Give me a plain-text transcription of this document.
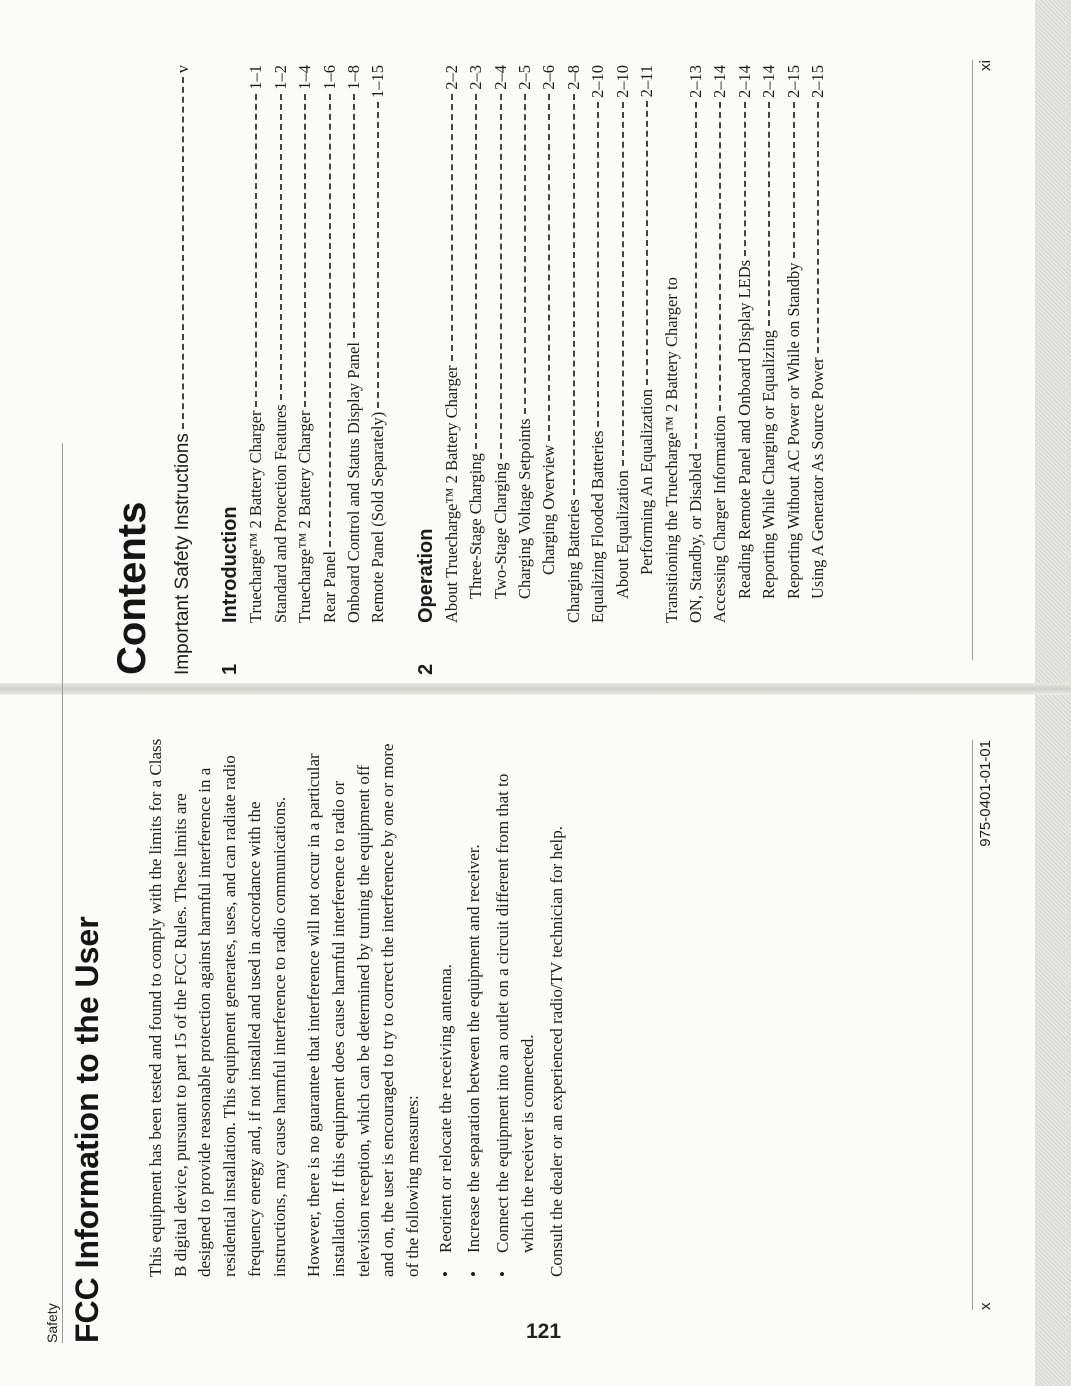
Safety FCC Information to the User This equipment has been tested and found to comply with the limits for a Class B digital device, pursuant to part 15 of the FCC Rules. These limits are designed to provide reasonable protection against harmful interference in a residential installation. This equipment generates, uses, and can radiate radio frequency energy and, if not installed and used in accordance with the instructions, may cause harmful interference to radio communications. However, there is no guarantee that interference will not occur in a particular installation. If this equipment does cause harmful interference to radio or television reception, which can be determined by turning the equipment off and on, the user is encouraged to try to correct the interference by one or more of the following measures: •
Reorient or relocate the receiving antenna.
•
Increase the separation between the equipment and receiver.
•
Connect the equipment into an outlet on a circuit different from that to which the receiver is connected. Consult the dealer or an experienced radio/TV technician for help.

x
975-0401-01-01
Contents Important Safety Instructions
v
1
Introduction Truecharge™ 2 Battery Charger
1–1
Standard and Protection Features
1–2
Truecharge™ 2 Battery Charger
1–4
Rear Panel
1–6
Onboard Control and Status Display Panel
1–8
Remote Panel (Sold Separately)
1–15
2
Operation About Truecharge™ 2 Battery Charger
2–2
Three-Stage Charging
2–3
Two-Stage Charging
2–4
Charging Voltage Setpoints
2–5
Charging Overview
2–6
Charging Batteries
2–8
Equalizing Flooded Batteries
2–10
About Equalization
2–10
Performing An Equalization
2–11
Transitioning the Truecharge™ 2 Battery Charger to ON, Standby, or Disabled
2–13
Accessing Charger Information
2–14
Reading Remote Panel and Onboard Display LEDs
2–14
Reporting While Charging or Equalizing
2–14
Reporting Without AC Power or While on Standby
2–15
Using A Generator As Source Power
2–15	xi
121
